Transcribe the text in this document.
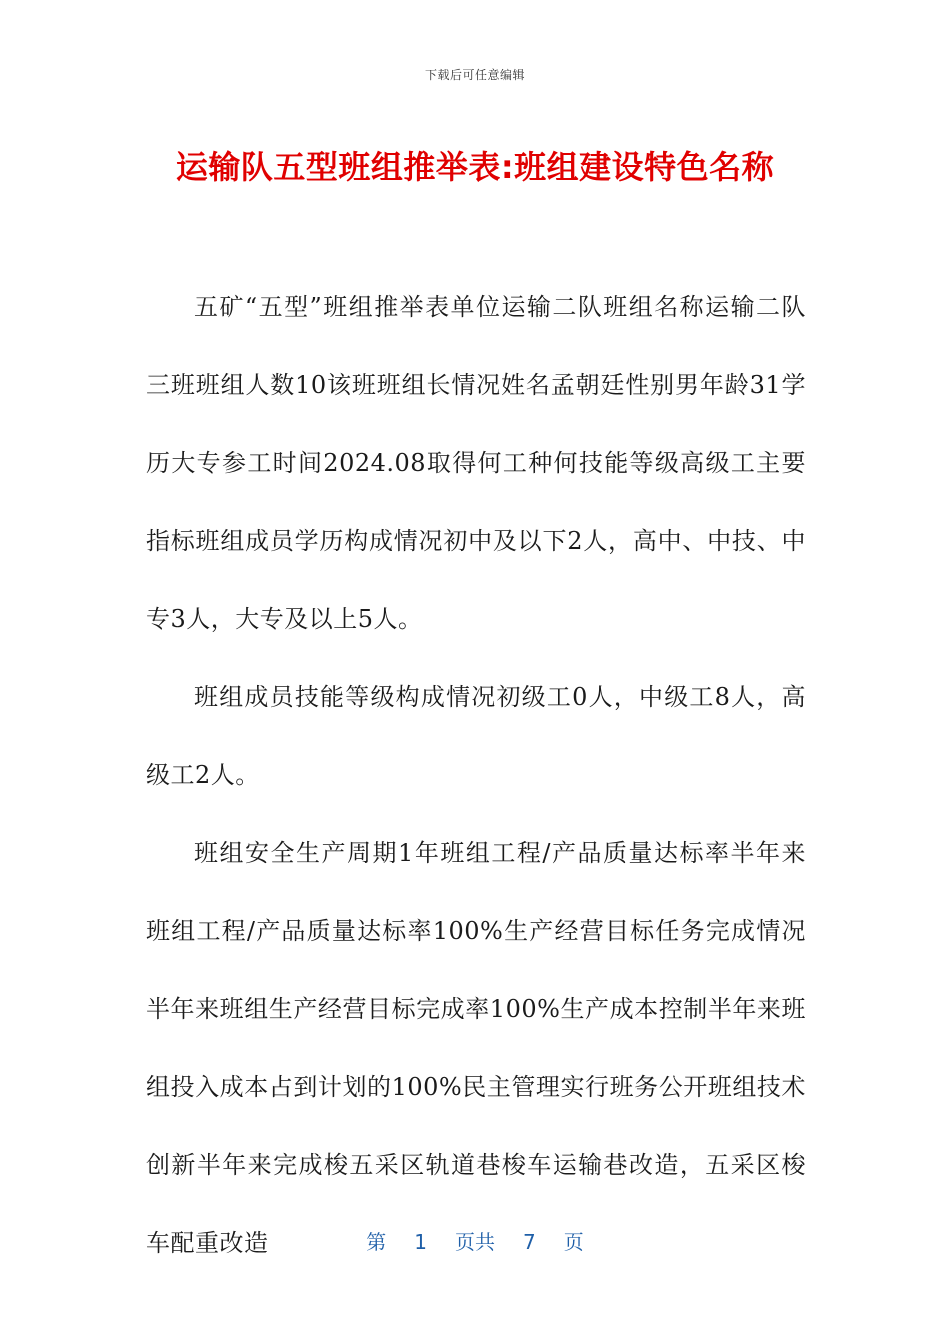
下载后可任意编辑
运输队五型班组推举表:班组建设特色名称

五矿“五型”班组推举表单位运输二队班组名称运输二队三班班组人数10该班班组长情况姓名孟朝廷性别男年龄31学历大专参工时间2024.08取得何工种何技能等级高级工主要指标班组成员学历构成情况初中及以下2人，高中、中技、中专3人，大专及以上5人。

班组成员技能等级构成情况初级工0人，中级工8人，高级工2人。

班组安全生产周期1年班组工程/产品质量达标率半年来班组工程/产品质量达标率100%生产经营目标任务完成情况半年来班组生产经营目标完成率100%生产成本控制半年来班组投入成本占到计划的100%民主管理实行班务公开班组技术创新半年来完成梭五采区轨道巷梭车运输巷改造，五采区梭车配重改造	第 1 页共 7 页
